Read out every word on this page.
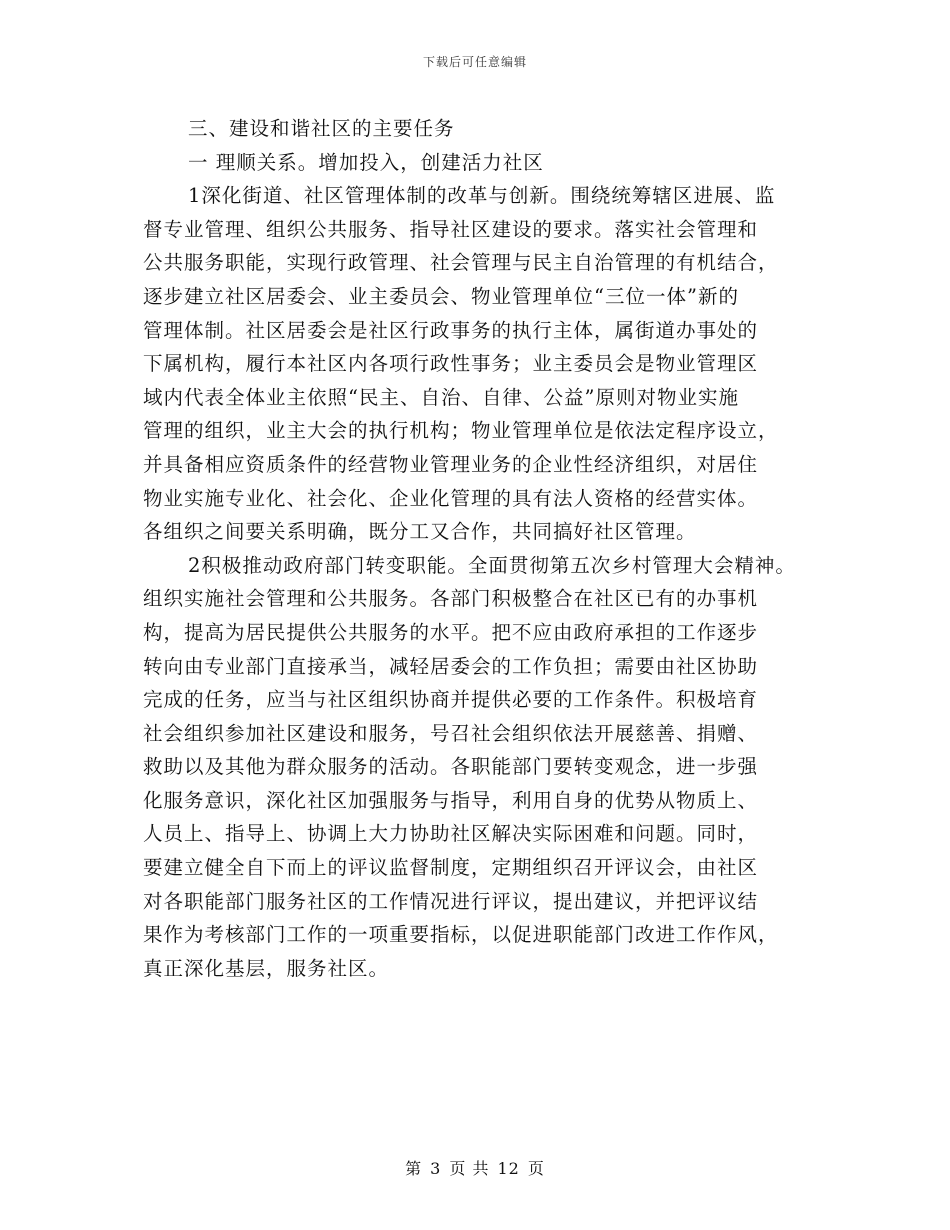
下载后可任意编辑
三、建设和谐社区的主要任务
一 理顺关系。增加投入，创建活力社区
1深化街道、社区管理体制的改革与创新。围绕统筹辖区进展、监
督专业管理、组织公共服务、指导社区建设的要求。落实社会管理和
公共服务职能，实现行政管理、社会管理与民主自治管理的有机结合，
逐步建立社区居委会、业主委员会、物业管理单位“三位一体”新的
管理体制。社区居委会是社区行政事务的执行主体，属街道办事处的
下属机构，履行本社区内各项行政性事务；业主委员会是物业管理区
域内代表全体业主依照“民主、自治、自律、公益”原则对物业实施
管理的组织，业主大会的执行机构；物业管理单位是依法定程序设立，
并具备相应资质条件的经营物业管理业务的企业性经济组织，对居住
物业实施专业化、社会化、企业化管理的具有法人资格的经营实体。
各组织之间要关系明确，既分工又合作，共同搞好社区管理。
2积极推动政府部门转变职能。全面贯彻第五次乡村管理大会精神。
组织实施社会管理和公共服务。各部门积极整合在社区已有的办事机
构，提高为居民提供公共服务的水平。把不应由政府承担的工作逐步
转向由专业部门直接承当，减轻居委会的工作负担；需要由社区协助
完成的任务，应当与社区组织协商并提供必要的工作条件。积极培育
社会组织参加社区建设和服务，号召社会组织依法开展慈善、捐赠、
救助以及其他为群众服务的活动。各职能部门要转变观念，进一步强
化服务意识，深化社区加强服务与指导，利用自身的优势从物质上、
人员上、指导上、协调上大力协助社区解决实际困难和问题。同时，
要建立健全自下而上的评议监督制度，定期组织召开评议会，由社区
对各职能部门服务社区的工作情况进行评议，提出建议，并把评议结
果作为考核部门工作的一项重要指标，以促进职能部门改进工作作风，
真正深化基层，服务社区。
第 3 页 共 12 页
